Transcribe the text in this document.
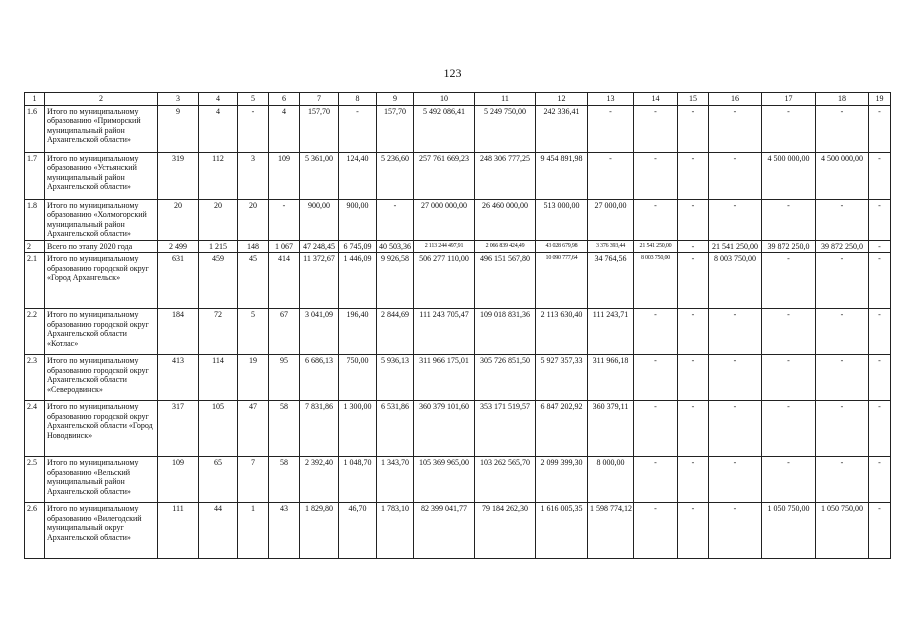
123
1	2	3	4	5	6	7	8	9	10	11	12	13	14	15	16	17	18	19
1.6	Итого по муниципальному образованию «Приморский муниципальный район Архангельской области»	9	4	-	4	157,70	-	157,70	5 492 086,41	5 249 750,00	242 336,41	-	-	-	-	-	-	-
1.7	Итого по муниципальному образованию «Устьянский муниципальный район Архангельской области»	319	112	3	109	5 361,00	124,40	5 236,60	257 761 669,23	248 306 777,25	9 454 891,98	-	-	-	-	4 500 000,00	4 500 000,00	-
1.8	Итого по муниципальному образованию «Холмогорский муниципальный район Архангельской области»	20	20	20	-	900,00	900,00	-	27 000 000,00	26 460 000,00	513 000,00	27 000,00	-	-	-	-	-	-
2	Всего по этапу 2020 года	2 499	1 215	148	1 067	47 248,45	6 745,09	40 503,36	2 113 244 497,91	2 066 839 424,49	43 028 679,98	3 376 393,44	21 541 250,00	-	21 541 250,00	39 872 250,0	39 872 250,0	-
2.1	Итого по муниципальному образованию городской округ «Город Архангельск»	631	459	45	414	11 372,67	1 446,09	9 926,58	506 277 110,00	496 151 567,80	10 090 777,64	34 764,56	8 003 750,00	-	8 003 750,00	-	-	-
2.2	Итого по муниципальному образованию городской округ Архангельской области «Котлас»	184	72	5	67	3 041,09	196,40	2 844,69	111 243 705,47	109 018 831,36	2 113 630,40	111 243,71	-	-	-	-	-	-
2.3	Итого по муниципальному образованию городской округ Архангельской области «Северодвинск»	413	114	19	95	6 686,13	750,00	5 936,13	311 966 175,01	305 726 851,50	5 927 357,33	311 966,18	-	-	-	-	-	-
2.4	Итого по муниципальному образованию городской округ Архангельской области «Город Новодвинск»	317	105	47	58	7 831,86	1 300,00	6 531,86	360 379 101,60	353 171 519,57	6 847 202,92	360 379,11	-	-	-	-	-	-
2.5	Итого по муниципальному образованию «Вельский муниципальный район Архангельской области»	109	65	7	58	2 392,40	1 048,70	1 343,70	105 369 965,00	103 262 565,70	2 099 399,30	8 000,00	-	-	-	-	-	-
2.6	Итого по муниципальному образованию «Вилегодский муниципальный округ Архангельской области»	111	44	1	43	1 829,80	46,70	1 783,10	82 399 041,77	79 184 262,30	1 616 005,35	1 598 774,12	-	-	-	1 050 750,00	1 050 750,00	-
